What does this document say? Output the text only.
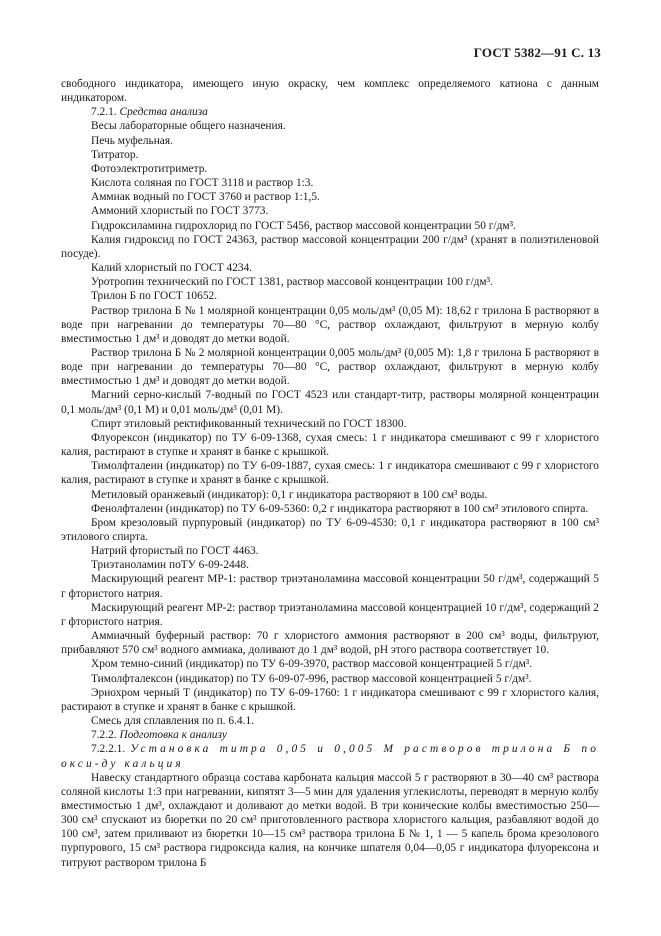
ГОСТ 5382—91 С. 13

свободного индикатора, имеющего иную окраску, чем комплекс определяемого катиона с данным индикатором.

7.2.1. Средства анализа

Весы лабораторные общего назначения.

Печь муфельная.

Титратор.

Фотоэлектротитриметр.

Кислота соляная по ГОСТ 3118 и раствор 1:3.

Аммиак водный по ГОСТ 3760 и раствор 1:1,5.

Аммоний хлористый по ГОСТ 3773.

Гидроксиламина гидрохлорид по ГОСТ 5456, раствор массовой концентрации 50 г/дм³.

Калия гидроксид по ГОСТ 24363, раствор массовой концентрации 200 г/дм³ (хранят в полиэтиленовой посуде).

Калий хлористый по ГОСТ 4234.

Уротропин технический по ГОСТ 1381, раствор массовой концентрации 100 г/дм³.

Трилон Б по ГОСТ 10652.

Раствор трилона Б № 1 молярной концентрации 0,05 моль/дм³ (0,05 М): 18,62 г трилона Б растворяют в воде при нагревании до температуры 70—80 °С, раствор охлаждают, фильтруют в мерную колбу вместимостью 1 дм³ и доводят до метки водой.

Раствор трилона Б № 2 молярной концентрации 0,005 моль/дм³ (0,005 М): 1,8 г трилона Б растворяют в воде при нагревании до температуры 70—80 °С, раствор охлаждают, фильтруют в мерную колбу вместимостью 1 дм³ и доводят до метки водой.

Магний серно-кислый 7-водный по ГОСТ 4523 или стандарт-титр, растворы молярной концентрации 0,1 моль/дм³ (0,1 М) и 0,01 моль/дм³ (0,01 М).

Спирт этиловый ректификованный технический по ГОСТ 18300.

Флуорексон (индикатор) по ТУ 6-09-1368, сухая смесь: 1 г индикатора смешивают с 99 г хлористого калия, растирают в ступке и хранят в банке с крышкой.

Тимолфталеин (индикатор) по ТУ 6-09-1887, сухая смесь: 1 г индикатора смешивают с 99 г хлористого калия, растирают в ступке и хранят в банке с крышкой.

Метиловый оранжевый (индикатор): 0,1 г индикатора растворяют в 100 см³ воды.

Фенолфталеин (индикатор) по ТУ 6-09-5360: 0,2 г индикатора растворяют в 100 см³ этилового спирта.

Бром крезоловый пурпуровый (индикатор) по ТУ 6-09-4530: 0,1 г индикатора растворяют в 100 см³ этилового спирта.

Натрий фтористый по ГОСТ 4463.

Триэтаноламин поТУ 6-09-2448.

Маскирующий реагент МР-1: раствор триэтаноламина массовой концентрации 50 г/дм³, содержащий 5 г фтористого натрия.

Маскирующий реагент МР-2: раствор триэтаноламина массовой концентрацией 10 г/дм³, содержащий 2 г фтористого натрия.

Аммиачный буферный раствор: 70 г хлористого аммония растворяют в 200 см³ воды, фильтруют, прибавляют 570 см³ водного аммиака, доливают до 1 дм³ водой, рН этого раствора соответствует 10.

Хром темно-синий (индикатор) по ТУ 6-09-3970, раствор массовой концентрацией 5 г/дм³.

Тимолфталексон (индикатор) по ТУ 6-09-07-996, раствор массовой концентрацией 5 г/дм³.

Эриохром черный Т (индикатор) по ТУ 6-09-1760: 1 г индикатора смешивают с 99 г хлористого калия, растирают в ступке и хранят в банке с крышкой.

Смесь для сплавления по п. 6.4.1.

7.2.2. Подготовка к анализу

7.2.2.1. Установка титра 0,05 и 0,005 М растворов трилона Б по окси-ду кальция

Навеску стандартного образца состава карбоната кальция массой 5 г растворяют в 30—40 см³ раствора соляной кислоты 1:3 при нагревании, кипятят 3—5 мин для удаления углекислоты, переводят в мерную колбу вместимостью 1 дм³, охлаждают и доливают до метки водой. В три конические колбы вместимостью 250—300 см³ спускают из бюретки по 20 см³ приготовленного раствора хлористого кальция, разбавляют водой до 100 см³, затем приливают из бюретки 10—15 см³ раствора трилона Б № 1, 1 — 5 капель брома крезолового пурпурового, 15 см³ раствора гидроксида калия, на кончике шпателя 0,04—0,05 г индикатора флуорексона и титруют раствором трилона Б
